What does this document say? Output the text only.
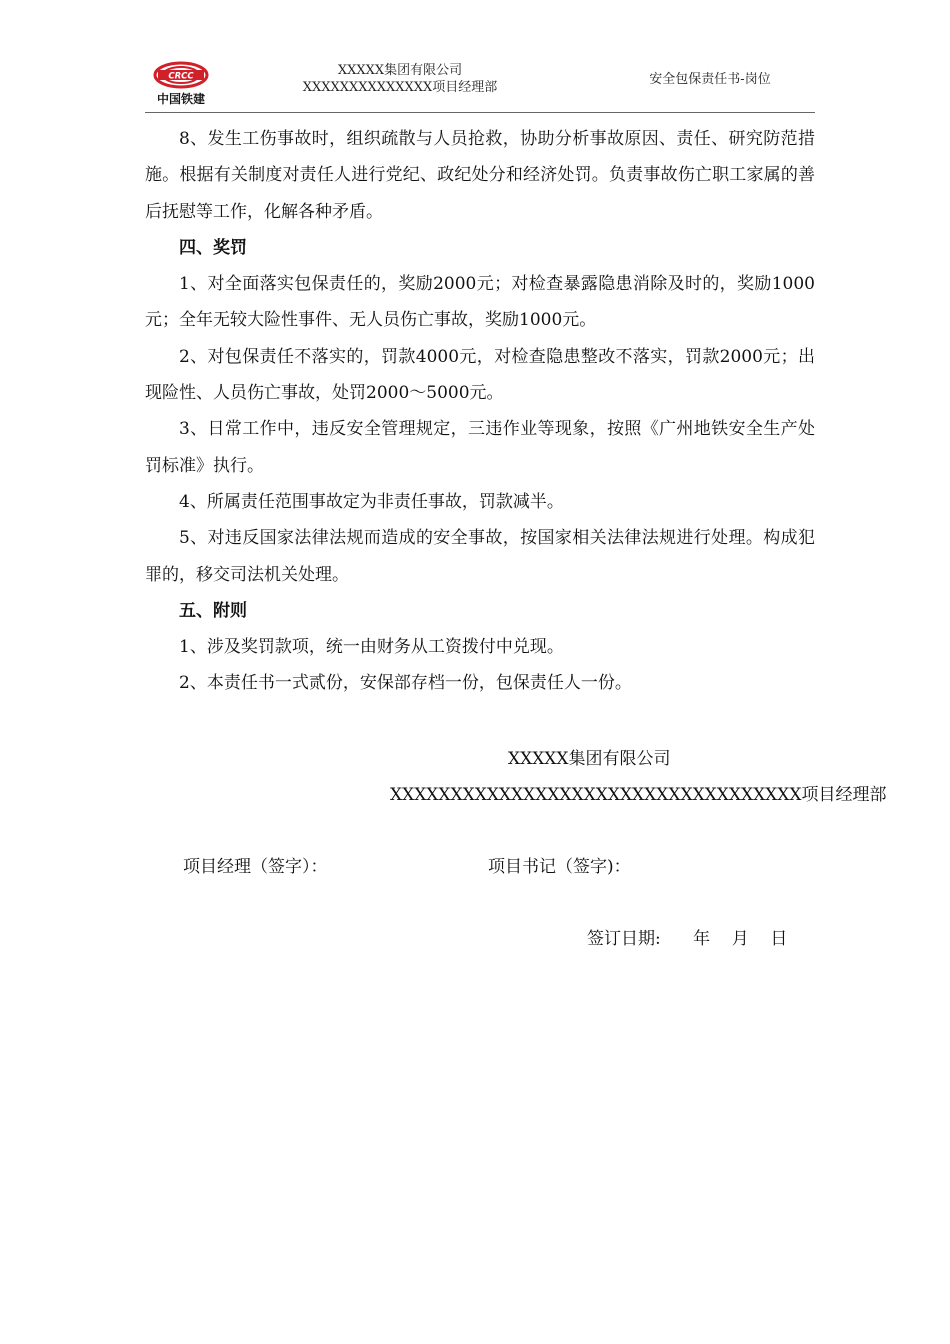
CRCC
中国铁建
XXXXX集团有限公司
XXXXXXXXXXXXXX项目经理部
安全包保责任书-岗位

8、发生工伤事故时，组织疏散与人员抢救，协助分析事故原因、责任、研究防范措施。根据有关制度对责任人进行党纪、政纪处分和经济处罚。负责事故伤亡职工家属的善后抚慰等工作，化解各种矛盾。

四、奖罚

1、对全面落实包保责任的，奖励2000元；对检查暴露隐患消除及时的，奖励1000元；全年无较大险性事件、无人员伤亡事故，奖励1000元。

2、对包保责任不落实的，罚款4000元，对检查隐患整改不落实，罚款2000元；出现险性、人员伤亡事故，处罚2000～5000元。

3、日常工作中，违反安全管理规定，三违作业等现象，按照《广州地铁安全生产处罚标准》执行。

4、所属责任范围事故定为非责任事故，罚款减半。

5、对违反国家法律法规而造成的安全事故，按国家相关法律法规进行处理。构成犯罪的，移交司法机关处理。

五、附则

1、涉及奖罚款项，统一由财务从工资拨付中兑现。

2、本责任书一式贰份，安保部存档一份，包保责任人一份。

XXXXX集团有限公司
XXXXXXXXXXXXXXXXXXXXXXXXXXXXXXXXXX项目经理部
项目经理（签字）：	项目书记（签字)：
签订日期:      年    月    日
